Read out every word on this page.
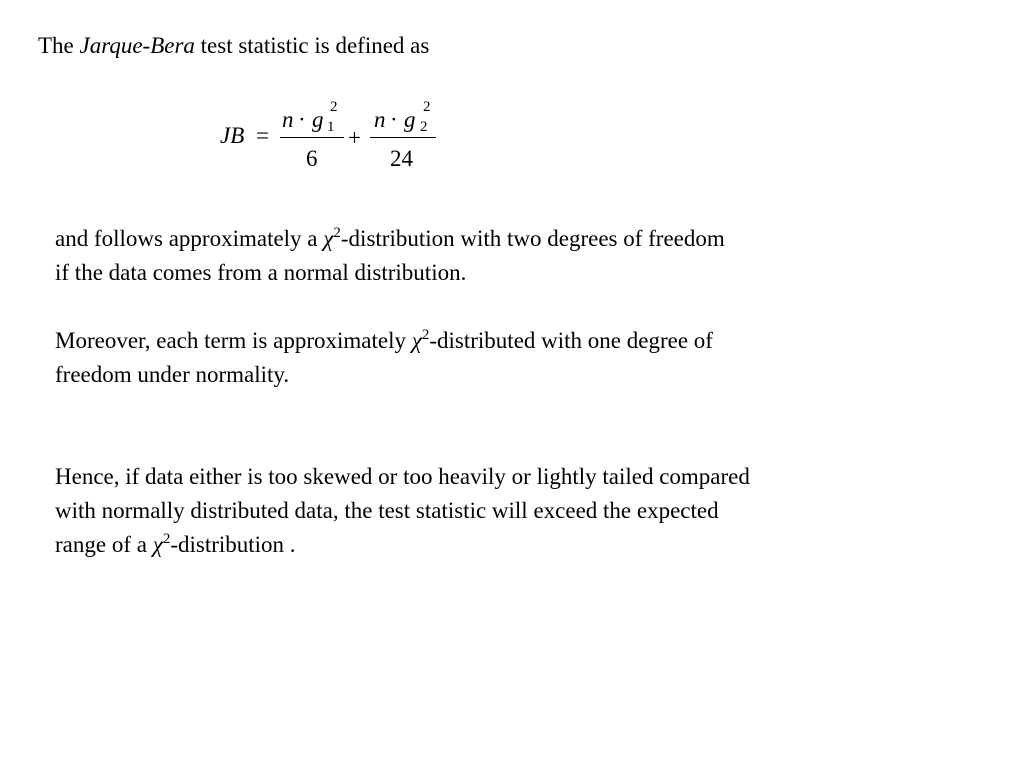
The Jarque-Bera test statistic is defined as
JB =
n · g 2
1
6
+
n · g 2
2
24
and follows approximately a $\chi^2$-distribution with two degrees of freedom
if the data comes from a normal distribution.
Moreover, each term is approximately $\chi^2$-distributed with one degree of
freedom under normality.
Hence, if data either is too skewed or too heavily or lightly tailed compared
with normally distributed data, the test statistic will exceed the expected
range of a $\chi^2$-distribution .
